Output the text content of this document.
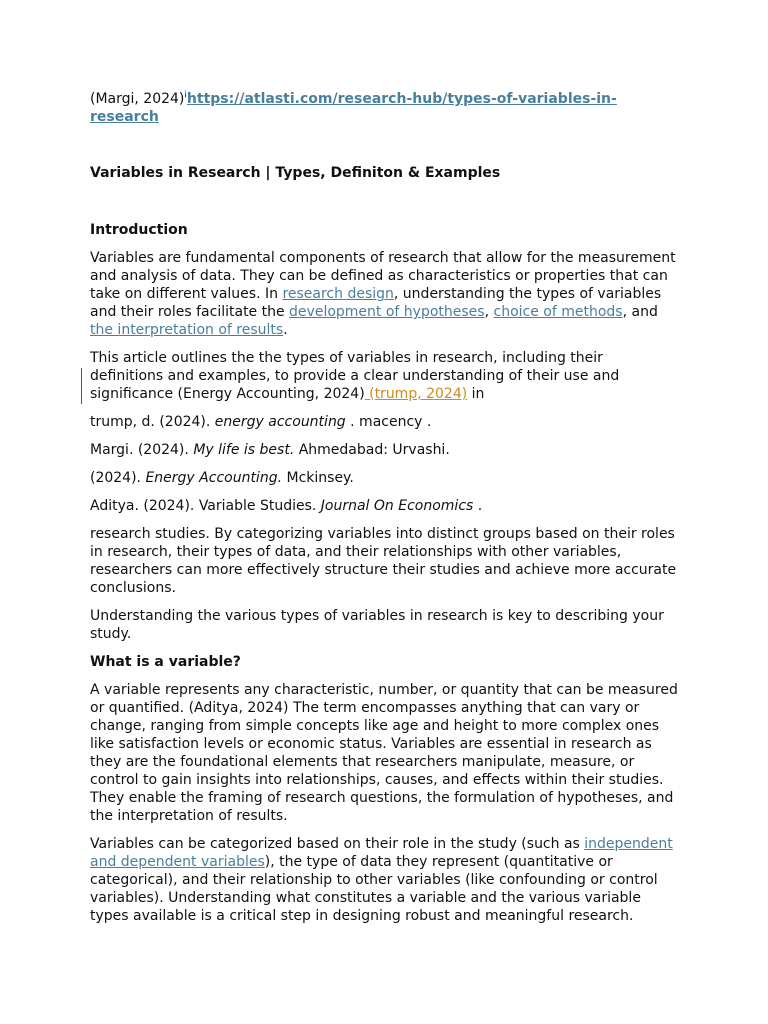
(Margi, 2024)$^i$https://atlasti.com/research-hub/types-of-variables-in-research

Variables in Research | Types, Definiton & Examples

Introduction

Variables are fundamental components of research that allow for the measurement and analysis of data. They can be defined as characteristics or properties that can take on different values. In research design, understanding the types of variables and their roles facilitate the development of hypotheses, choice of methods, and the interpretation of results.

This article outlines the the types of variables in research, including their definitions and examples, to provide a clear understanding of their use and significance (Energy Accounting, 2024) (trump, 2024) in

trump, d. (2024). energy accounting . macency .

Margi. (2024). My life is best. Ahmedabad: Urvashi.

(2024). Energy Accounting. Mckinsey.

Aditya. (2024). Variable Studies. Journal On Economics .

research studies. By categorizing variables into distinct groups based on their roles in research, their types of data, and their relationships with other variables, researchers can more effectively structure their studies and achieve more accurate conclusions.

Understanding the various types of variables in research is key to describing your study.

What is a variable?

A variable represents any characteristic, number, or quantity that can be measured or quantified. (Aditya, 2024) The term encompasses anything that can vary or change, ranging from simple concepts like age and height to more complex ones like satisfaction levels or economic status. Variables are essential in research as they are the foundational elements that researchers manipulate, measure, or control to gain insights into relationships, causes, and effects within their studies. They enable the framing of research questions, the formulation of hypotheses, and the interpretation of results.

Variables can be categorized based on their role in the study (such as independent and dependent variables), the type of data they represent (quantitative or categorical), and their relationship to other variables (like confounding or control variables). Understanding what constitutes a variable and the various variable types available is a critical step in designing robust and meaningful research.
